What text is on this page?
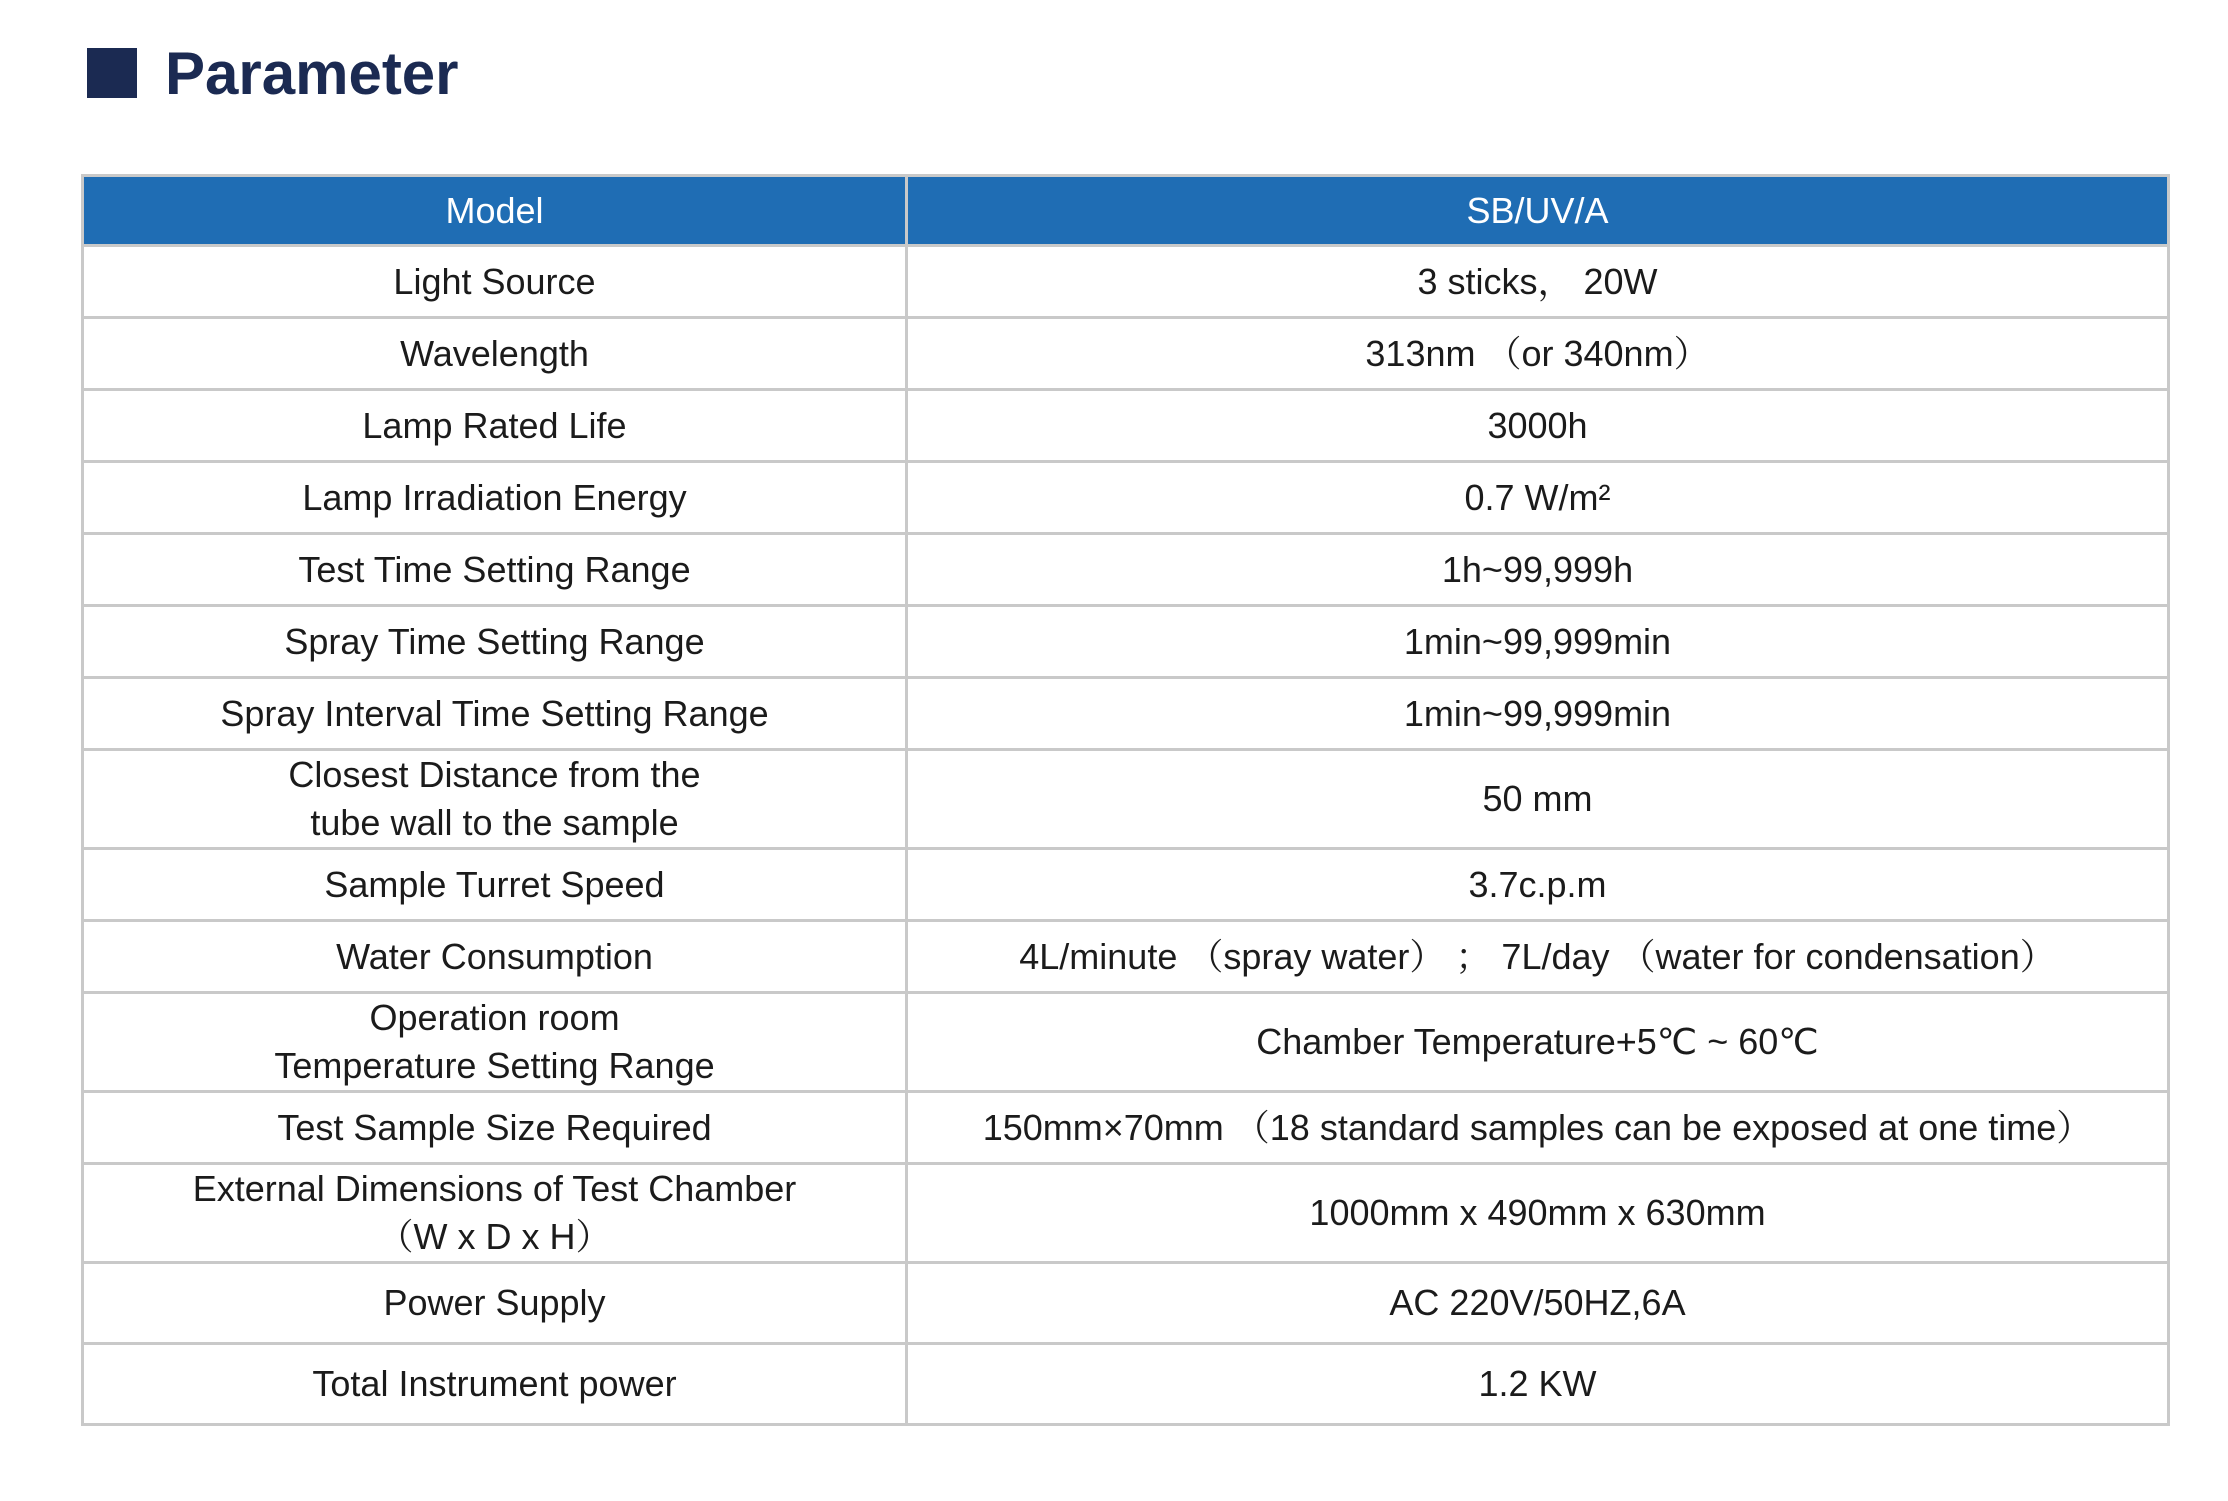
Parameter
Model	SB/UV/A
Light Source	3 sticks， 20W
Wavelength	313nm （or 340nm）
Lamp Rated Life	3000h
Lamp Irradiation Energy	0.7 W/m²
Test Time Setting Range	1h~99,999h
Spray Time Setting Range	1min~99,999min
Spray Interval Time Setting Range	1min~99,999min
Closest Distance from the
tube wall to the sample	50 mm
Sample Turret Speed	3.7c.p.m
Water Consumption	4L/minute （spray water） ； 7L/day （water for condensation）
Operation room
Temperature Setting Range	Chamber Temperature+5℃ ~ 60℃
Test Sample Size Required	150mm×70mm （18 standard samples can be exposed at one time）
External Dimensions of Test Chamber
（W x D x H）	1000mm x 490mm x 630mm
Power Supply	AC 220V/50HZ,6A
Total Instrument power	1.2 KW
